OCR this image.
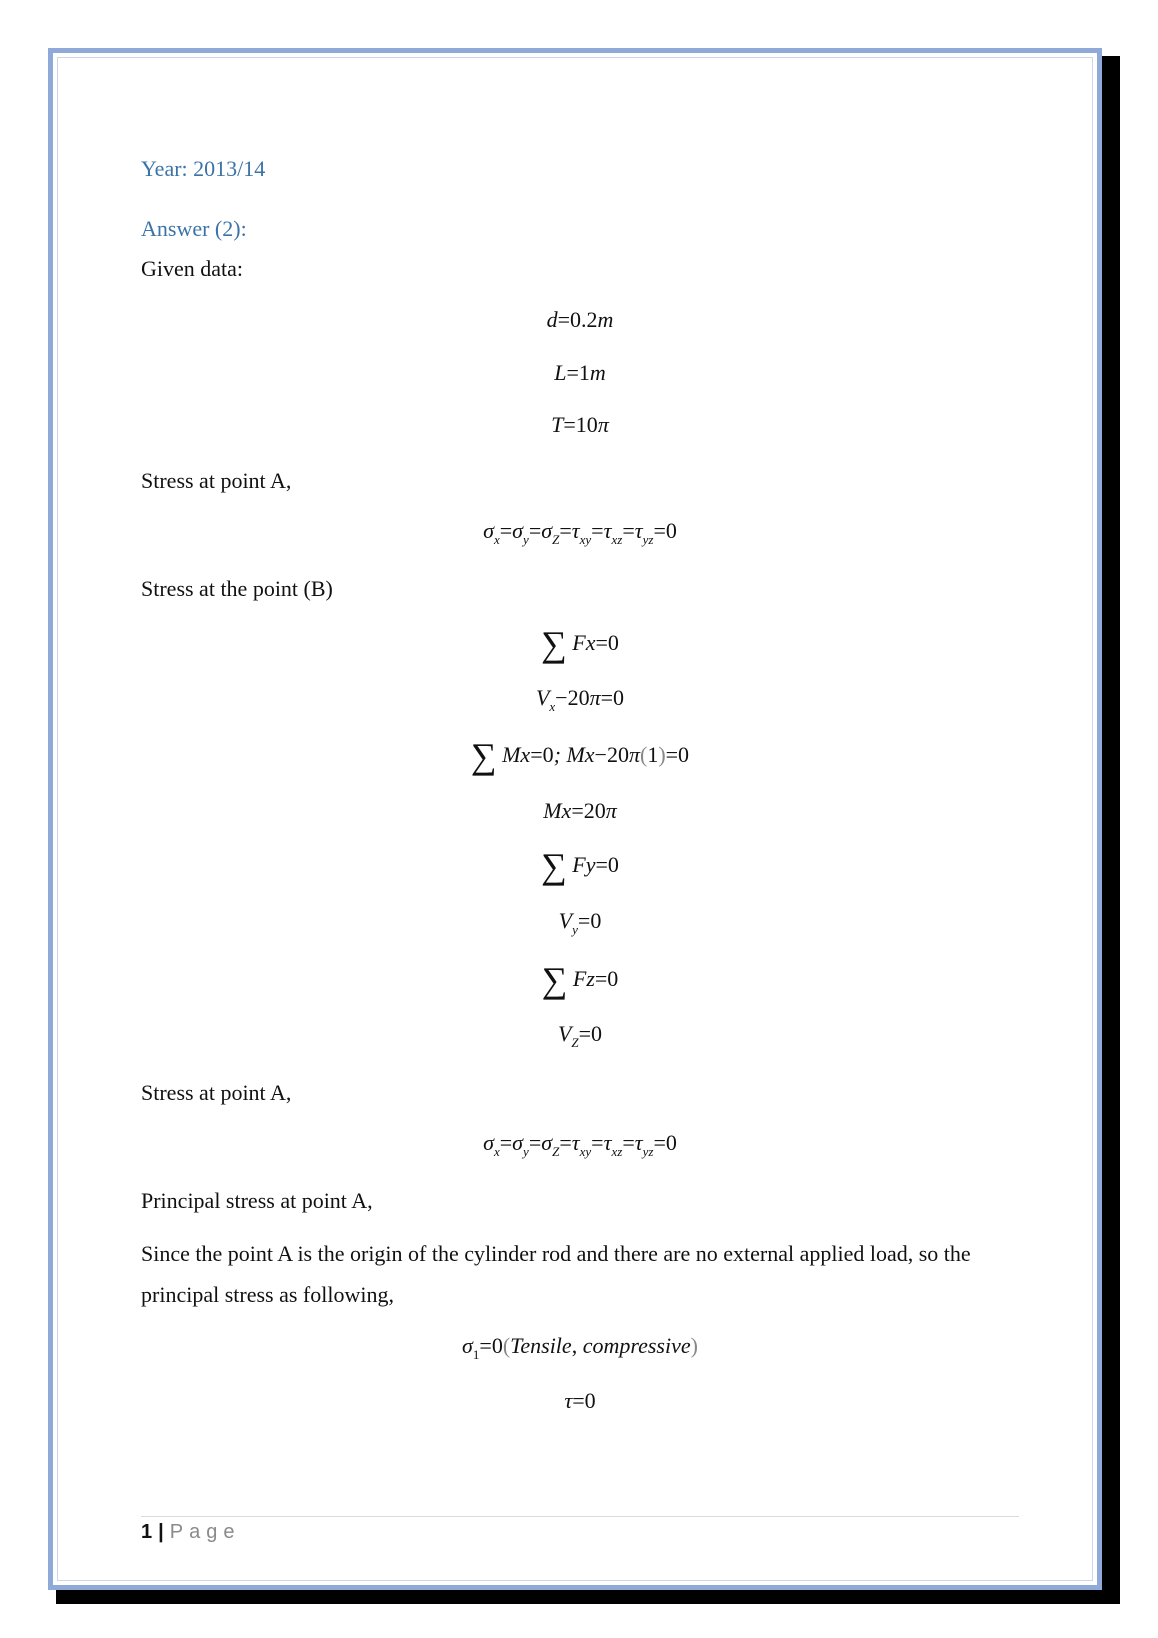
Year: 2013/14
Answer (2):
Given data:
d=0.2m
L=1m
T=10π
Stress at point A,
$\sigma_x=\sigma_y=\sigma_Z=\tau_{xy}=\tau_{xz}=\tau_{yz}=0$
Stress at the point (B)
∑ Fx=0
$V_x-20\pi=0$
∑ Mx=0; Mx−20π(1)=0
Mx=20π
∑ Fy=0
$V_y=0$
∑ Fz=0
$V_Z=0$
Stress at point A,
$\sigma_x=\sigma_y=\sigma_Z=\tau_{xy}=\tau_{xz}=\tau_{yz}=0$
Principal stress at point A,
Since the point A is the origin of the cylinder rod and there are no external applied load, so the principal stress as following,
$\sigma_1=0(Tensile$, compressive)
τ=0
1 | Page
